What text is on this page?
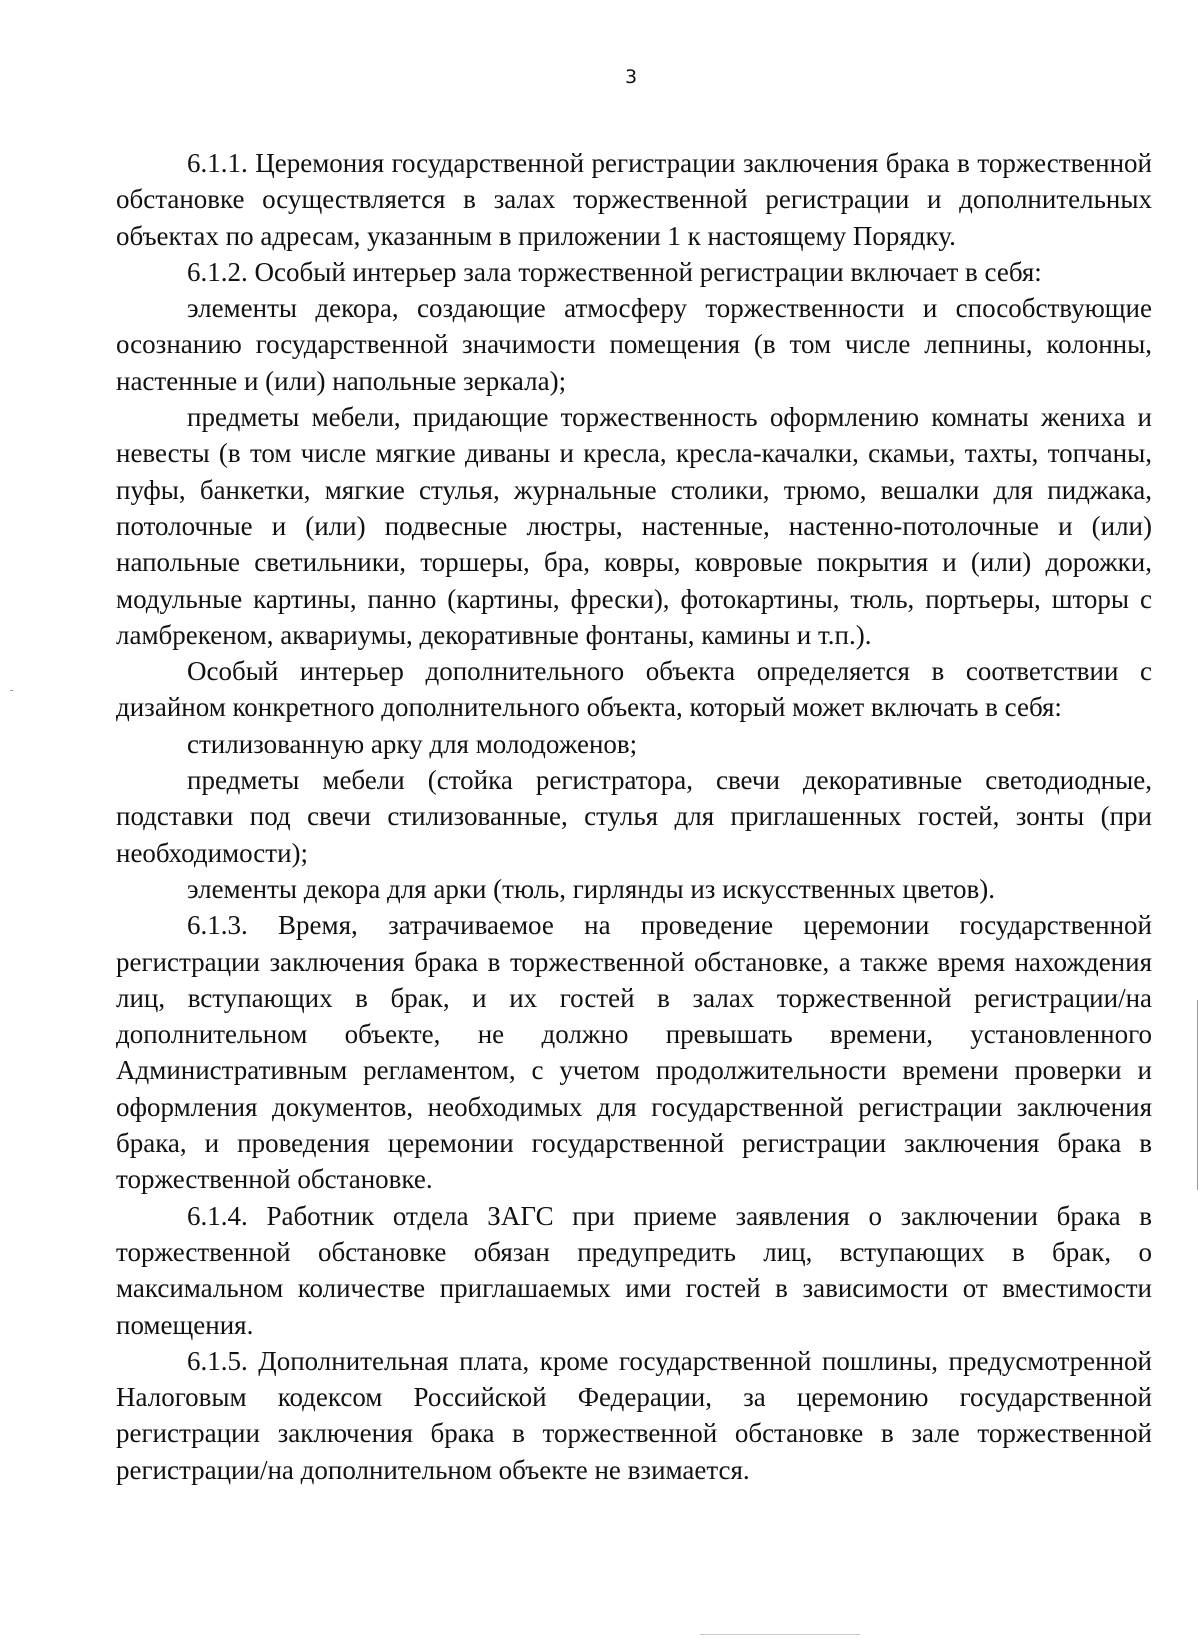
3

6.1.1. Церемония государственной регистрации заключения брака в торжественной обстановке осуществляется в залах торжественной регистрации и дополнительных объектах по адресам, указанным в приложении 1 к настоящему Порядку.

6.1.2. Особый интерьер зала торжественной регистрации включает в себя:

элементы декора, создающие атмосферу торжественности и способствующие осознанию государственной значимости помещения (в том числе лепнины, колонны, настенные и (или) напольные зеркала);

предметы мебели, придающие торжественность оформлению комнаты жениха и невесты (в том числе мягкие диваны и кресла, кресла-качалки, скамьи, тахты, топчаны, пуфы, банкетки, мягкие стулья, журнальные столики, трюмо, вешалки для пиджака, потолочные и (или) подвесные люстры, настенные, настенно-потолочные и (или) напольные светильники, торшеры, бра, ковры, ковровые покрытия и (или) дорожки, модульные картины, панно (картины, фрески), фотокартины, тюль, портьеры, шторы с ламбрекеном, аквариумы, декоративные фонтаны, камины и т.п.).

Особый интерьер дополнительного объекта определяется в соответствии с дизайном конкретного дополнительного объекта, который может включать в себя:

стилизованную арку для молодоженов;

предметы мебели (стойка регистратора, свечи декоративные светодиодные, подставки под свечи стилизованные, стулья для приглашенных гостей, зонты (при необходимости);

элементы декора для арки (тюль, гирлянды из искусственных цветов).

6.1.3. Время, затрачиваемое на проведение церемонии государственной регистрации заключения брака в торжественной обстановке, а также время нахождения лиц, вступающих в брак, и их гостей в залах торжественной регистрации/на дополнительном объекте, не должно превышать времени, установленного Административным регламентом, с учетом продолжительности времени проверки и оформления документов, необходимых для государственной регистрации заключения брака, и проведения церемонии государственной регистрации заключения брака в торжественной обстановке.

6.1.4. Работник отдела ЗАГС при приеме заявления о заключении брака в торжественной обстановке обязан предупредить лиц, вступающих в брак, о максимальном количестве приглашаемых ими гостей в зависимости от вместимости помещения.

6.1.5. Дополнительная плата, кроме государственной пошлины, предусмотренной Налоговым кодексом Российской Федерации, за церемонию государственной регистрации заключения брака в торжественной обстановке в зале торжественной регистрации/на дополнительном объекте не взимается.
